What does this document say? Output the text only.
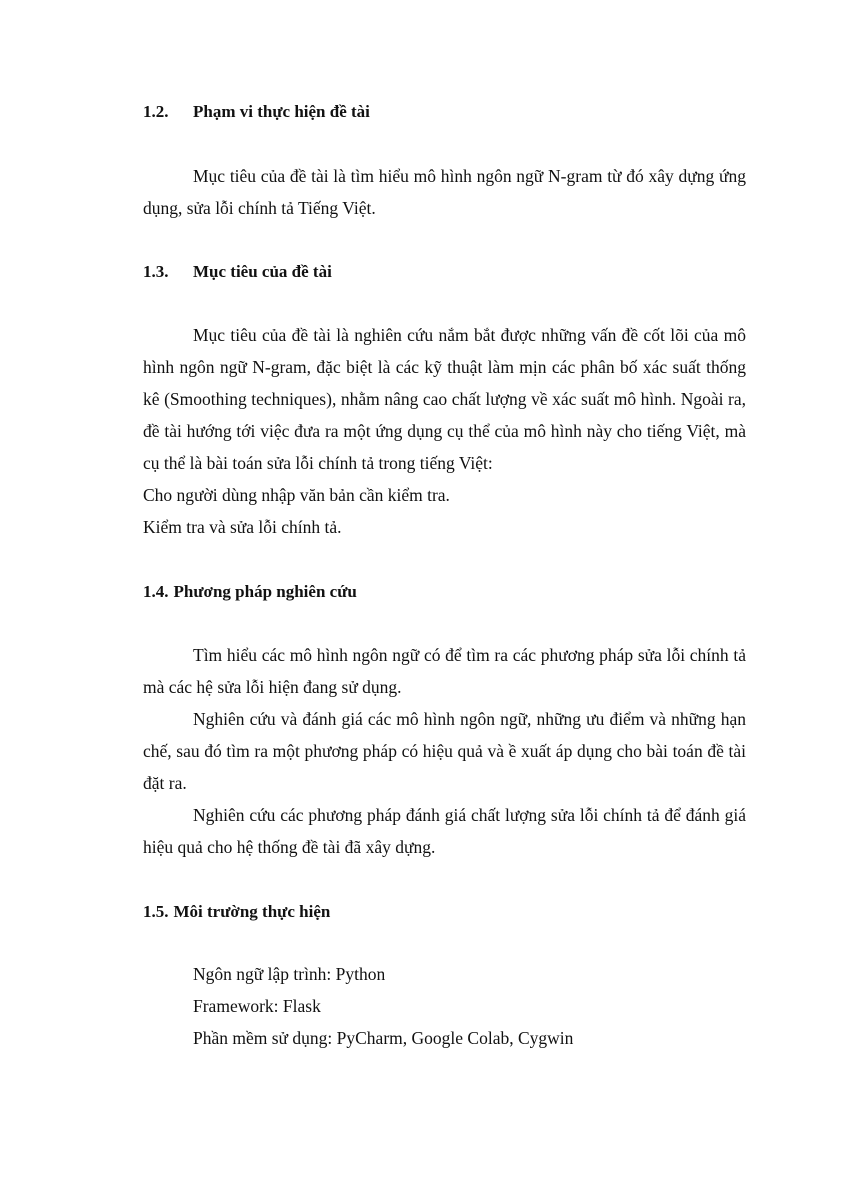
1.2. Phạm vi thực hiện đề tài
Mục tiêu của đề tài là tìm hiểu mô hình ngôn ngữ N-gram từ đó xây dựng ứng dụng, sửa lỗi chính tả Tiếng Việt.
1.3. Mục tiêu của đề tài
Mục tiêu của đề tài là nghiên cứu nắm bắt được những vấn đề cốt lõi của mô hình ngôn ngữ N-gram, đặc biệt là các kỹ thuật làm mịn các phân bố xác suất thống kê (Smoothing techniques), nhằm nâng cao chất lượng về xác suất mô hình. Ngoài ra, đề tài hướng tới việc đưa ra một ứng dụng cụ thể của mô hình này cho tiếng Việt, mà cụ thể là bài toán sửa lỗi chính tả trong tiếng Việt:
Cho người dùng nhập văn bản cần kiểm tra.
Kiểm tra và sửa lỗi chính tả.
1.4. Phương pháp nghiên cứu
Tìm hiểu các mô hình ngôn ngữ có để tìm ra các phương pháp sửa lỗi chính tả mà các hệ sửa lỗi hiện đang sử dụng.
Nghiên cứu và đánh giá các mô hình ngôn ngữ, những ưu điểm và những hạn chế, sau đó tìm ra một phương pháp có hiệu quả và ề xuất áp dụng cho bài toán đề tài đặt ra.
Nghiên cứu các phương pháp đánh giá chất lượng sửa lỗi chính tả để đánh giá hiệu quả cho hệ thống đề tài đã xây dựng.
1.5. Môi trường thực hiện
Ngôn ngữ lập trình: Python
Framework: Flask
Phần mềm sử dụng: PyCharm, Google Colab, Cygwin
